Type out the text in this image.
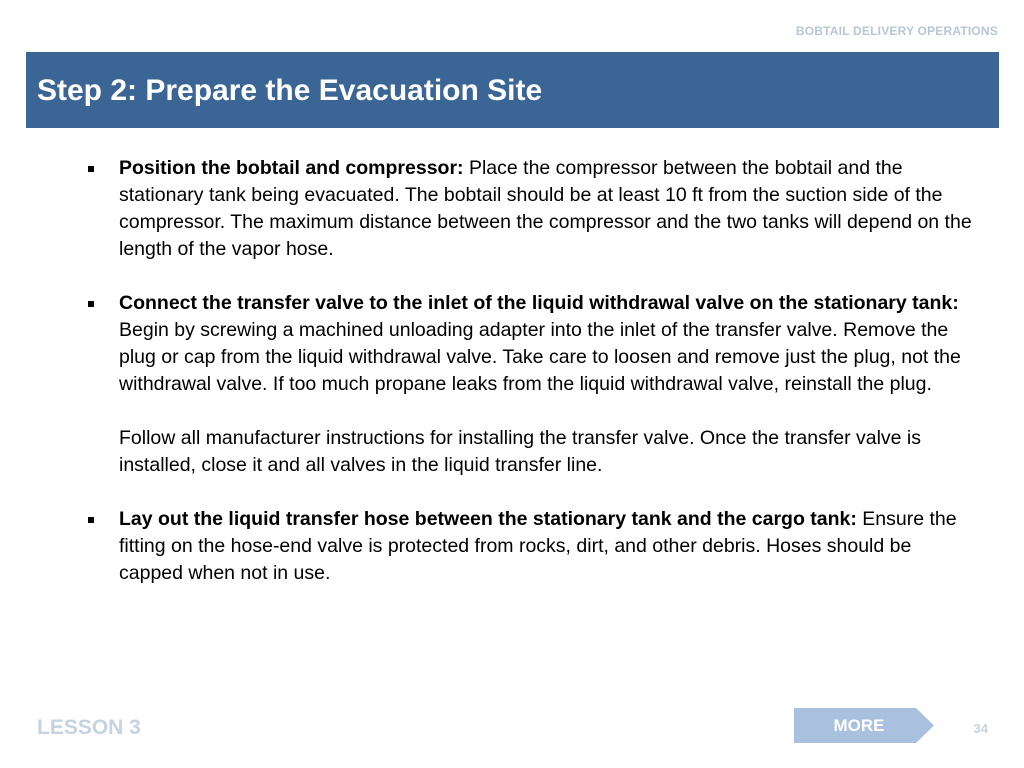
BOBTAIL DELIVERY OPERATIONS
Step 2: Prepare the Evacuation Site
Position the bobtail and compressor: Place the compressor between the bobtail and the stationary tank being evacuated. The bobtail should be at least 10 ft from the suction side of the compressor. The maximum distance between the compressor and the two tanks will depend on the length of the vapor hose.
Connect the transfer valve to the inlet of the liquid withdrawal valve on the stationary tank: Begin by screwing a machined unloading adapter into the inlet of the transfer valve. Remove the plug or cap from the liquid withdrawal valve. Take care to loosen and remove just the plug, not the withdrawal valve. If too much propane leaks from the liquid withdrawal valve, reinstall the plug.
Follow all manufacturer instructions for installing the transfer valve. Once the transfer valve is installed, close it and all valves in the liquid transfer line.
Lay out the liquid transfer hose between the stationary tank and the cargo tank: Ensure the fitting on the hose-end valve is protected from rocks, dirt, and other debris. Hoses should be capped when not in use.
LESSON 3	MORE	34
